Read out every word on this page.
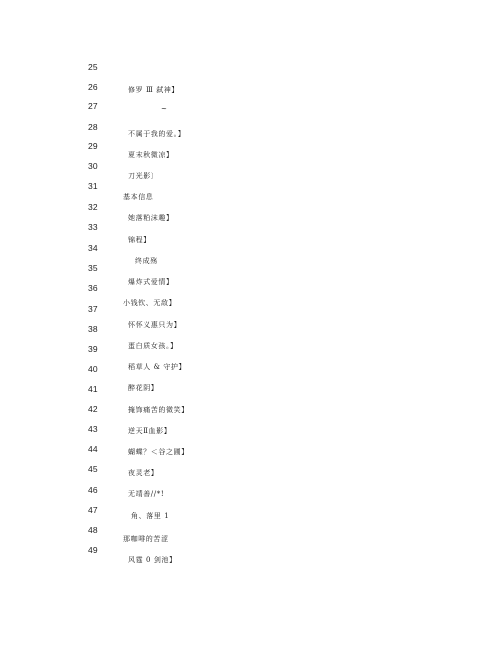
25
26	修罗 Ⅲ 弑神】
27	~
28
不属于我的爱。】
29
夏末秋微凉】
30
刀光影〕
31
基本信息
32
她落粕沫趣】
33
锦程】
34
终成殇
35
爆炸式爱情】
36
小钱钦、无敌】
37
怀怀义惠只为】
38
蛋白质女孩。】
39
稻草人 & 守护】
40
醉花阴】
41
掩饰痛苦的微笑】
42
逆天Ⅱ血影】
43
蝴蝶？＜谷之圃】
44
夜灵老】
45
无靖善//*!
46
角、落里 1
47
那咖啡的苦涩
48
风霆 0 剑池】
49
